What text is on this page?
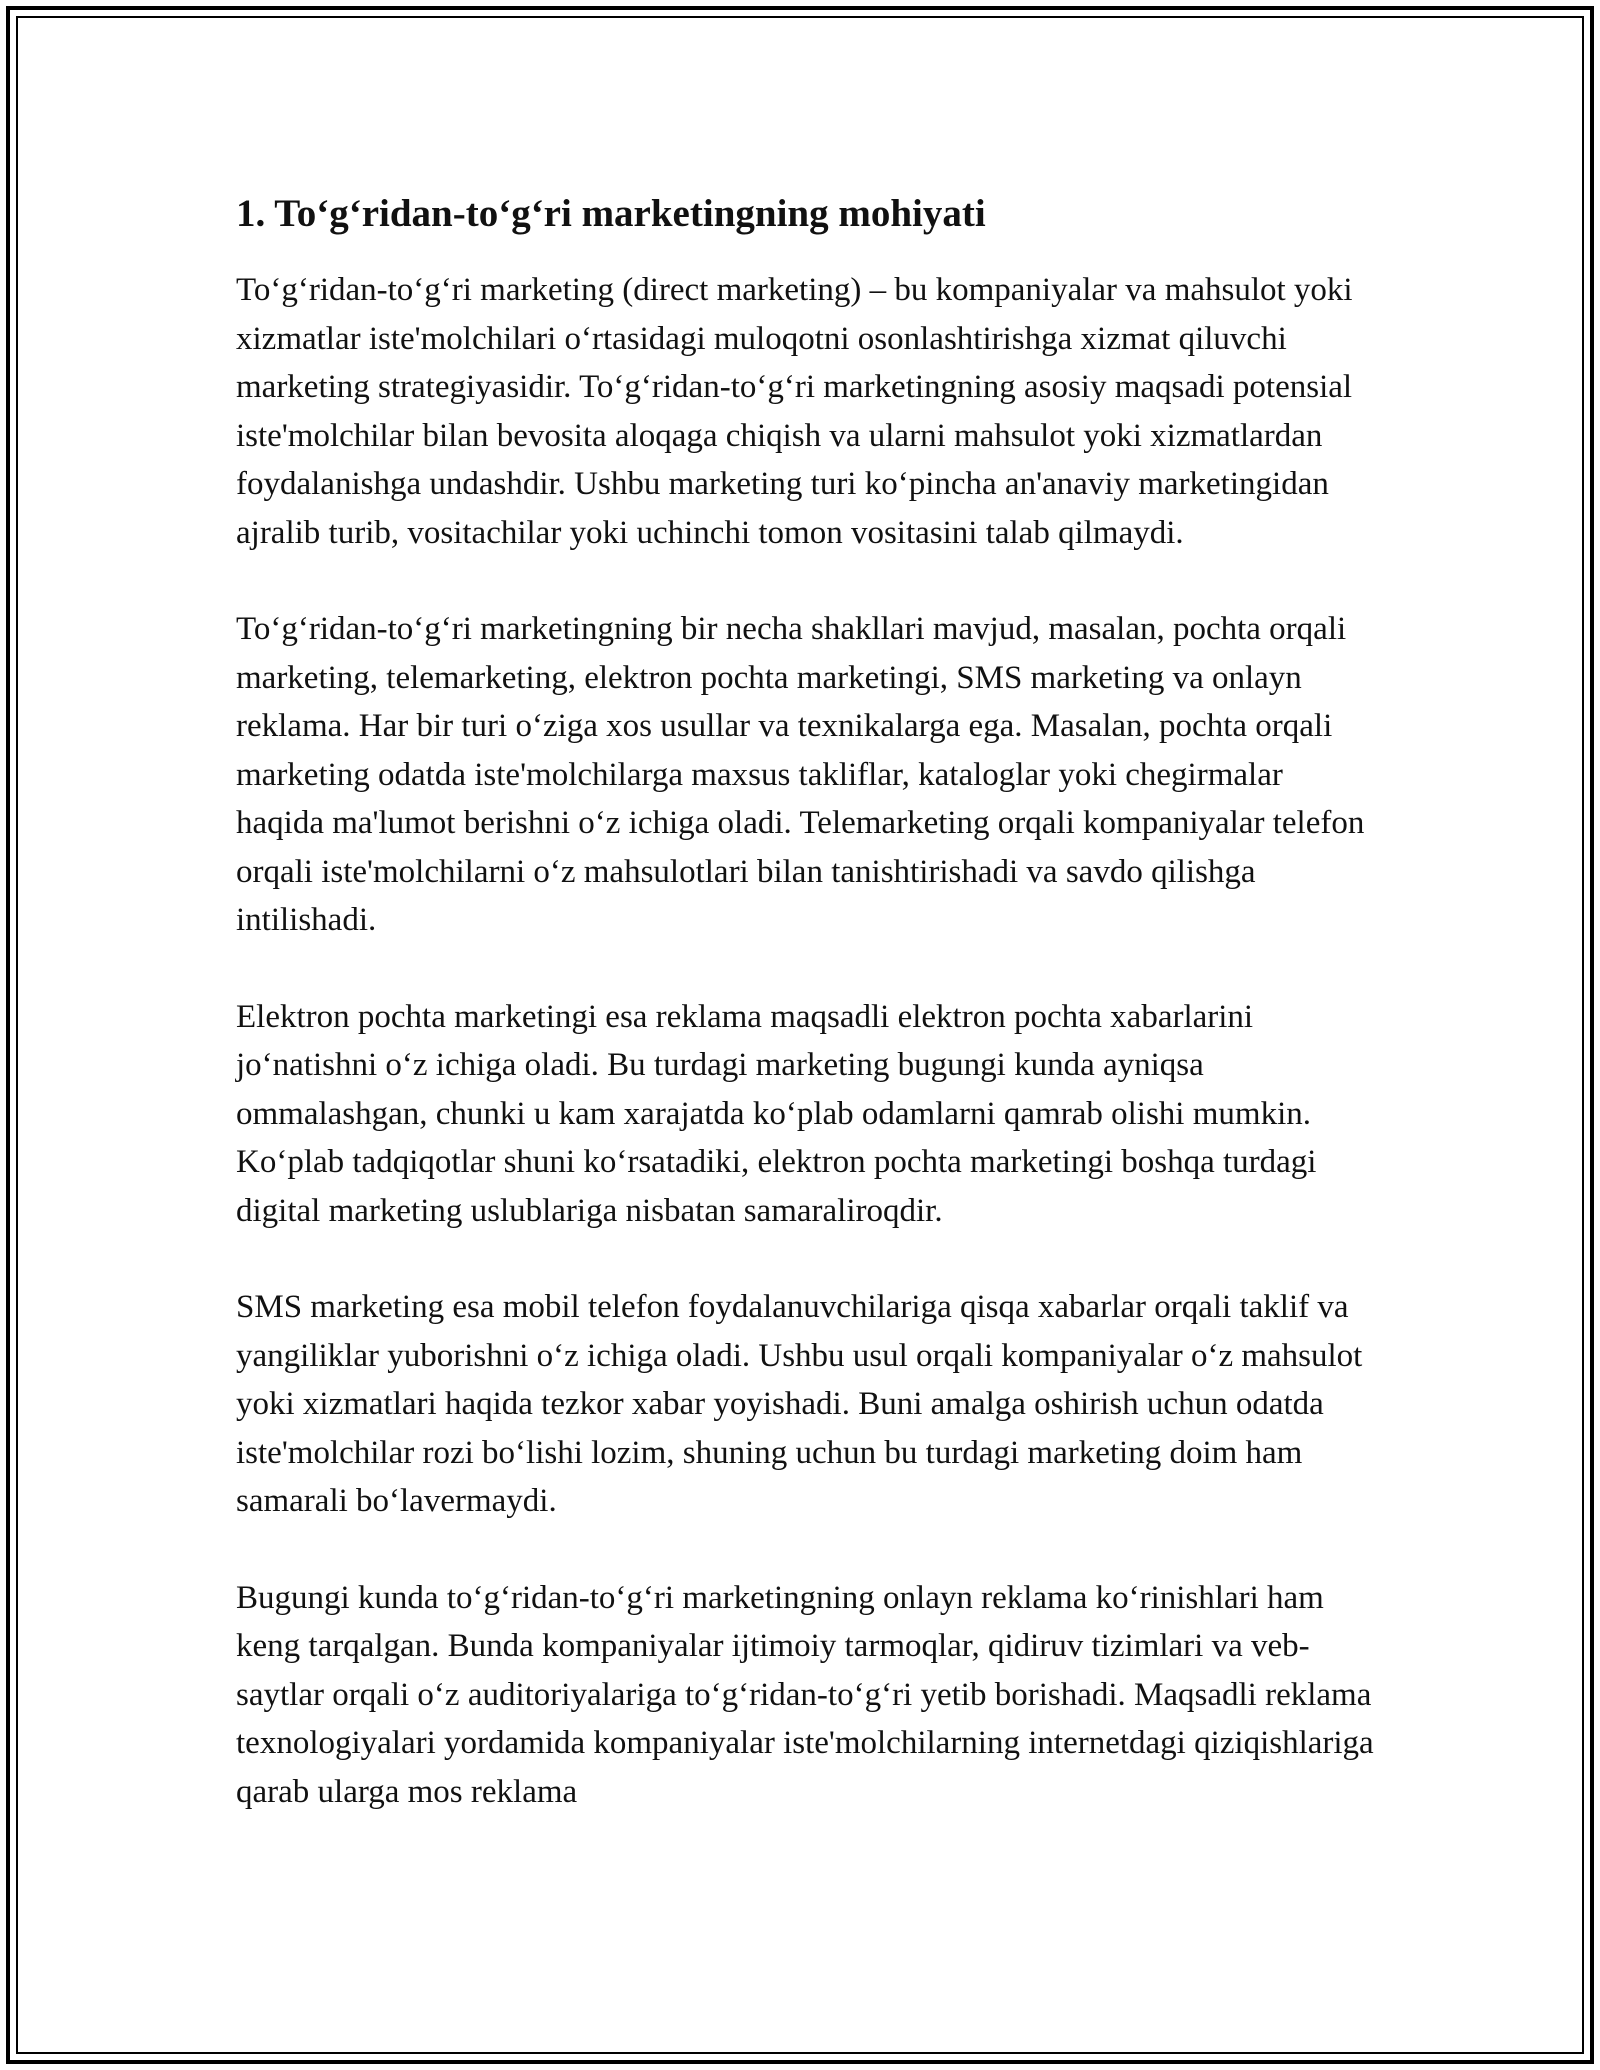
1. To‘g‘ridan-to‘g‘ri marketingning mohiyati

To‘g‘ridan-to‘g‘ri marketing (direct marketing) – bu kompaniyalar va mahsulot yoki xizmatlar iste'molchilari o‘rtasidagi muloqotni osonlashtirishga xizmat qiluvchi marketing strategiyasidir. To‘g‘ridan-to‘g‘ri marketingning asosiy maqsadi potensial iste'molchilar bilan bevosita aloqaga chiqish va ularni mahsulot yoki xizmatlardan foydalanishga undashdir. Ushbu marketing turi ko‘pincha an'anaviy marketingidan ajralib turib, vositachilar yoki uchinchi tomon vositasini talab qilmaydi.

To‘g‘ridan-to‘g‘ri marketingning bir necha shakllari mavjud, masalan, pochta orqali marketing, telemarketing, elektron pochta marketingi, SMS marketing va onlayn reklama. Har bir turi o‘ziga xos usullar va texnikalarga ega. Masalan, pochta orqali marketing odatda iste'molchilarga maxsus takliflar, kataloglar yoki chegirmalar haqida ma'lumot berishni o‘z ichiga oladi. Telemarketing orqali kompaniyalar telefon orqali iste'molchilarni o‘z mahsulotlari bilan tanishtirishadi va savdo qilishga intilishadi.

Elektron pochta marketingi esa reklama maqsadli elektron pochta xabarlarini jo‘natishni o‘z ichiga oladi. Bu turdagi marketing bugungi kunda ayniqsa ommalashgan, chunki u kam xarajatda ko‘plab odamlarni qamrab olishi mumkin. Ko‘plab tadqiqotlar shuni ko‘rsatadiki, elektron pochta marketingi boshqa turdagi digital marketing uslublariga nisbatan samaraliroqdir.

SMS marketing esa mobil telefon foydalanuvchilariga qisqa xabarlar orqali taklif va yangiliklar yuborishni o‘z ichiga oladi. Ushbu usul orqali kompaniyalar o‘z mahsulot yoki xizmatlari haqida tezkor xabar yoyishadi. Buni amalga oshirish uchun odatda iste'molchilar rozi bo‘lishi lozim, shuning uchun bu turdagi marketing doim ham samarali bo‘lavermaydi.

Bugungi kunda to‘g‘ridan-to‘g‘ri marketingning onlayn reklama ko‘rinishlari ham keng tarqalgan. Bunda kompaniyalar ijtimoiy tarmoqlar, qidiruv tizimlari va veb-saytlar orqali o‘z auditoriyalariga to‘g‘ridan-to‘g‘ri yetib borishadi. Maqsadli reklama texnologiyalari yordamida kompaniyalar iste'molchilarning internetdagi qiziqishlariga qarab ularga mos reklama
